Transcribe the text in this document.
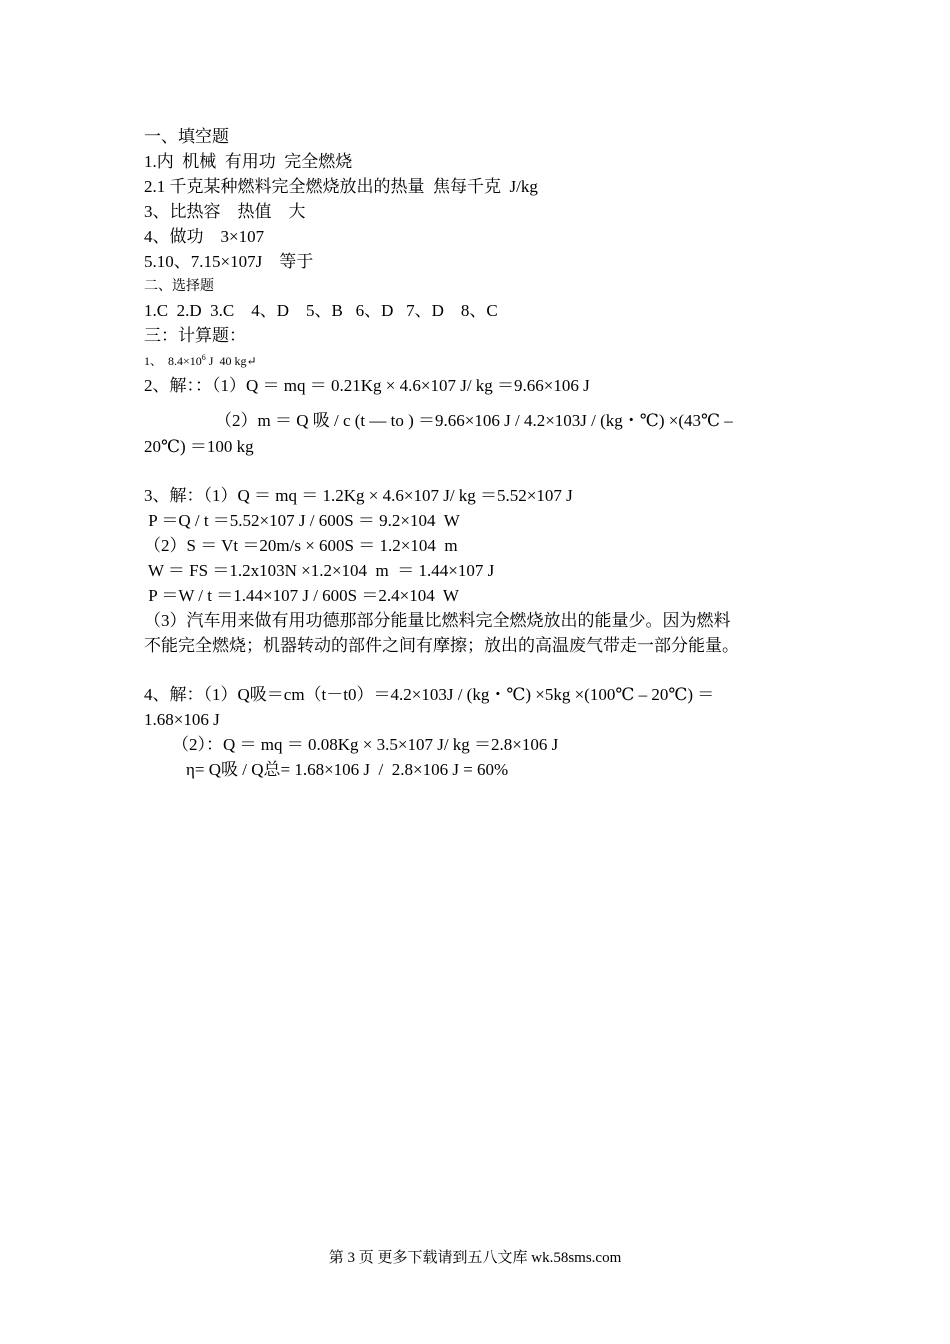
一、填空题
1.内  机械  有用功  完全燃烧
2.1 千克某种燃料完全燃烧放出的热量  焦每千克  J/kg
3、比热容    热值    大
4、做功    3×107
5.10、7.15×107J    等于
二、选择题
1.C  2.D  3.C    4、D    5、B   6、D   7、D    8、C
三：计算题：
1、  $8.4\times 10^6$ J  40 kg↵
2、解：：（1）Q ＝ mq ＝ 0.21Kg × 4.6×107 J/ kg ＝9.66×106 J
（2）m ＝ Q 吸 / c (t — to ) ＝9.66×106 J / 4.2×103J / (kg・℃) ×(43℃ –
20℃) ＝100 kg
3、解：（1）Q ＝ mq ＝ 1.2Kg × 4.6×107 J/ kg ＝5.52×107 J
P ＝Q / t ＝5.52×107 J / 600S ＝ 9.2×104  W
（2）S ＝ Vt ＝20m/s × 600S ＝ 1.2×104  m
W ＝ FS ＝1.2x103N ×1.2×104  m  ＝ 1.44×107 J
P ＝W / t ＝1.44×107 J / 600S ＝2.4×104  W
（3）汽车用来做有用功德那部分能量比燃料完全燃烧放出的能量少。因为燃料
不能完全燃烧；机器转动的部件之间有摩擦；放出的高温废气带走一部分能量。
4、解：（1）Q吸＝cm（t－t0）＝4.2×103J / (kg・℃) ×5kg ×(100℃ – 20℃) ＝
1.68×106 J
（2）：Q ＝ mq ＝ 0.08Kg × 3.5×107 J/ kg ＝2.8×106 J
η= Q吸 / Q总= 1.68×106 J  /  2.8×106 J = 60%
第 3 页 更多下载请到五八文库 wk.58sms.com
